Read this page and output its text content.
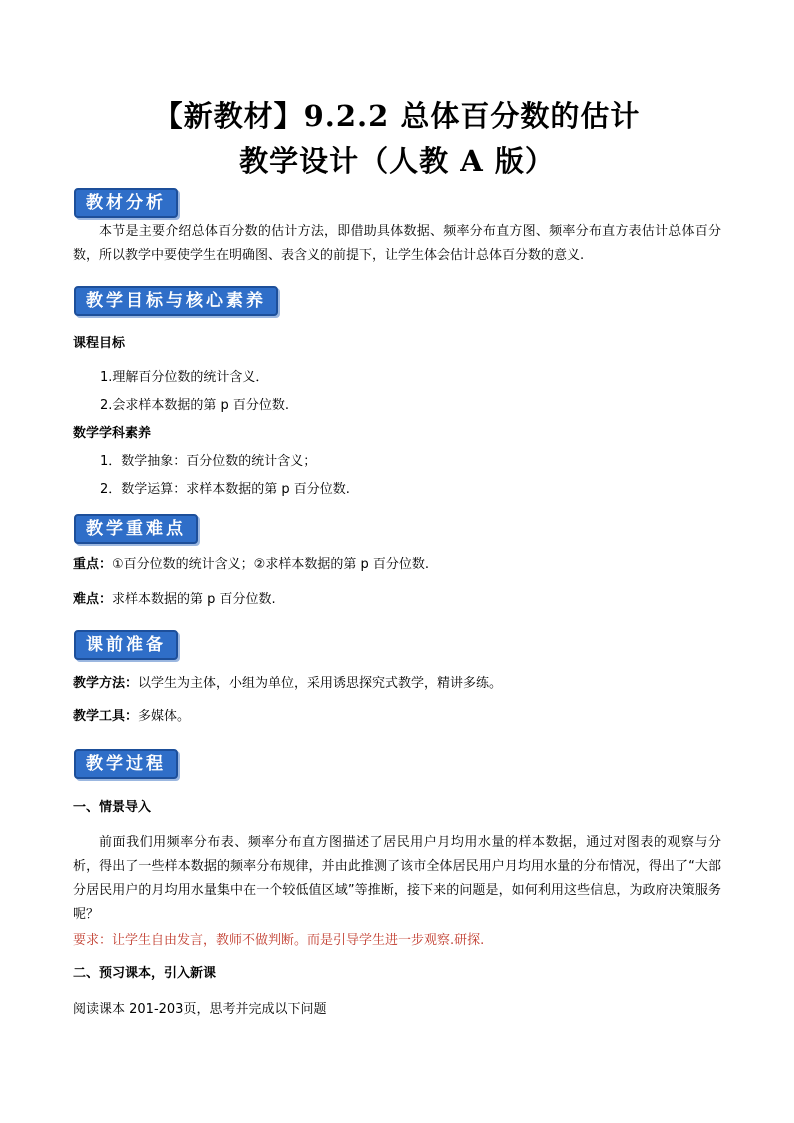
【新教材】9.2.2 总体百分数的估计
教学设计（人教 A 版）
教材分析
本节是主要介绍总体百分数的估计方法，即借助具体数据、频率分布直方图、频率分布直方表估计总体百分数，所以教学中要使学生在明确图、表含义的前提下，让学生体会估计总体百分数的意义.
教学目标与核心素养
课程目标
1.理解百分位数的统计含义．
2.会求样本数据的第 p 百分位数.
数学学科素养
1．数学抽象：百分位数的统计含义；
2．数学运算：求样本数据的第 p 百分位数.
教学重难点
重点：①百分位数的统计含义；②求样本数据的第 p 百分位数.
难点：求样本数据的第 p 百分位数.
课前准备
教学方法：以学生为主体，小组为单位，采用诱思探究式教学，精讲多练。
教学工具：多媒体。
教学过程
一、情景导入
前面我们用频率分布表、频率分布直方图描述了居民用户月均用水量的样本数据，通过对图表的观察与分析，得出了一些样本数据的频率分布规律，并由此推测了该市全体居民用户月均用水量的分布情况，得出了“大部分居民用户的月均用水量集中在一个较低值区域”等推断，接下来的问题是，如何利用这些信息，为政府决策服务呢？
要求：让学生自由发言，教师不做判断。而是引导学生进一步观察.研探.
二、预习课本，引入新课
阅读课本 201-203页，思考并完成以下问题
